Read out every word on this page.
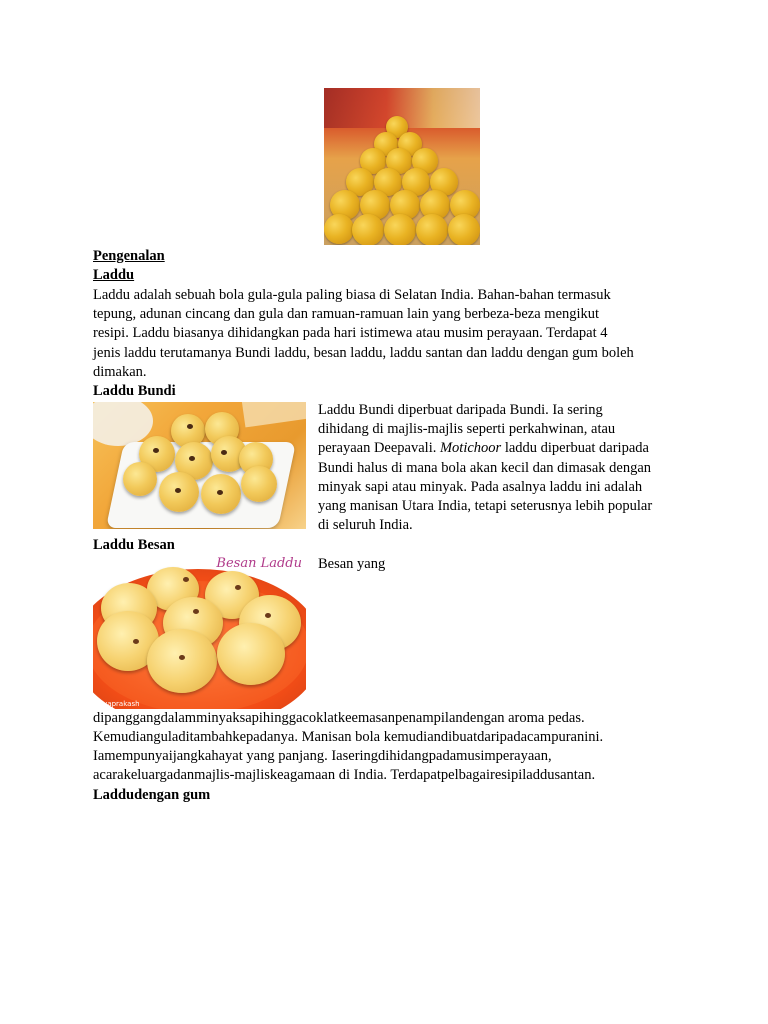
Pengenalan
Laddu
Laddu adalah sebuah bola gula-gula paling biasa di Selatan India. Bahan-bahan termasuk
tepung, adunan cincang dan gula dan ramuan-ramuan lain yang berbeza-beza mengikut
resipi. Laddu biasanya dihidangkan pada hari istimewa atau musim perayaan. Terdapat 4
jenis laddu terutamanya Bundi laddu, besan laddu, laddu santan dan laddu dengan gum boleh
dimakan.
Laddu Bundi
Laddu Bundi diperbuat daripada Bundi. Ia sering
dihidang di majlis-majlis seperti perkahwinan, atau
perayaan Deepavali. Motichoor laddu diperbuat daripada
Bundi halus di mana bola akan kecil dan dimasak dengan
minyak sapi atau minyak. Pada asalnya laddu ini adalah
yang manisan Utara India, tetapi seterusnya lebih popular
di seluruh India.
Laddu Besan
Besan Laddu
Niyaprakash
Besan yang
dipanggangdalamminyaksapihinggacoklatkeemasanpenampilandengan aroma pedas.
Kemudianguladitambahkepadanya. Manisan bola kemudiandibuatdaripadacampuranini.
Iamempunyaijangkahayat yang panjang. Iaseringdihidangpadamusimperayaan,
acarakeluargadanmajlis-majliskeagamaan di India. Terdapatpelbagairesipiladdusantan.
Laddudengan gum
